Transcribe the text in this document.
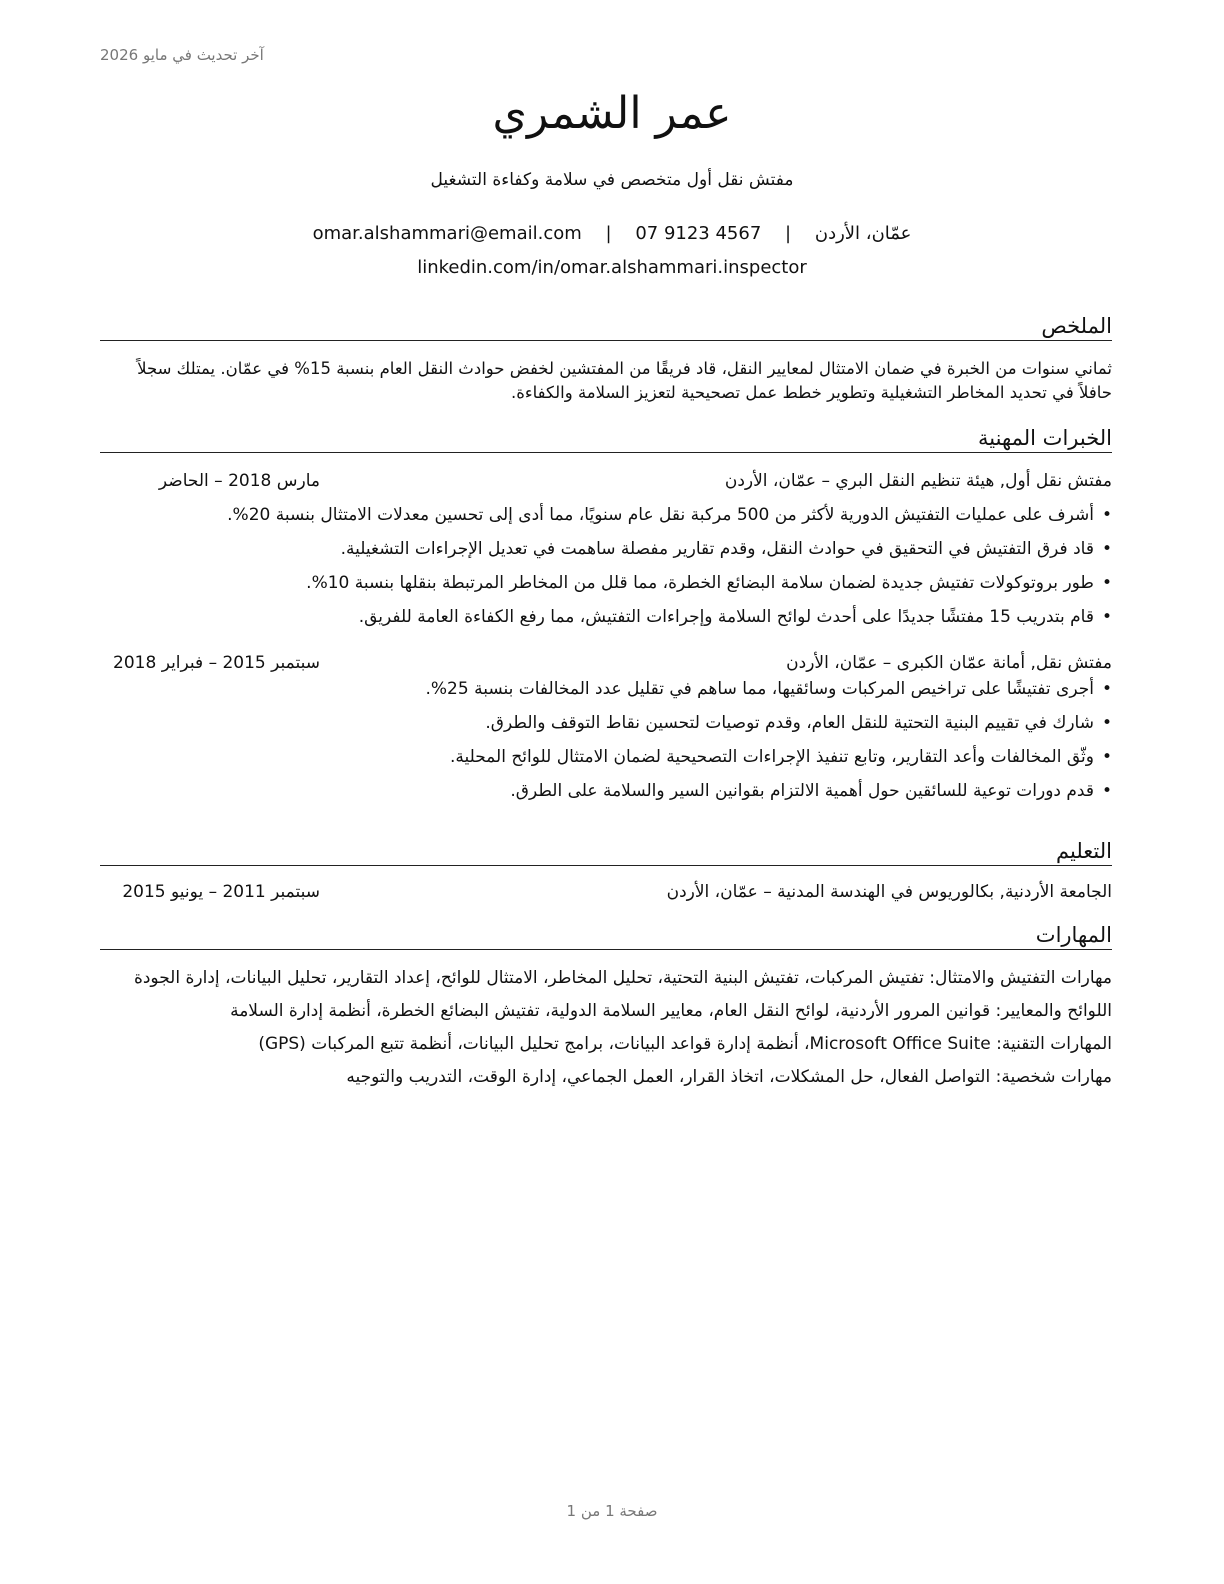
آخر تحديث في مايو 2026
عمر الشمري
مفتش نقل أول متخصص في سلامة وكفاءة التشغيل
عمّان، الأردن | omar.alshammari@email.com | 07 9123 4567
linkedin.com/in/omar.alshammari.inspector
الملخص
ثماني سنوات من الخبرة في ضمان الامتثال لمعايير النقل، قاد فريقًا من المفتشين لخفض حوادث النقل العام بنسبة 15% في عمّان. يمتلك سجلاً حافلاً في تحديد المخاطر التشغيلية وتطوير خطط عمل تصحيحية لتعزيز السلامة والكفاءة.
الخبرات المهنية
مفتش نقل أول, هيئة تنظيم النقل البري – عمّان، الأردن
مارس 2018 – الحاضر
• أشرف على عمليات التفتيش الدورية لأكثر من 500 مركبة نقل عام سنويًا، مما أدى إلى تحسين معدلات الامتثال بنسبة 20%.
• قاد فرق التفتيش في التحقيق في حوادث النقل، وقدم تقارير مفصلة ساهمت في تعديل الإجراءات التشغيلية.
• طور بروتوكولات تفتيش جديدة لضمان سلامة البضائع الخطرة، مما قلل من المخاطر المرتبطة بنقلها بنسبة 10%.
• قام بتدريب 15 مفتشًا جديدًا على أحدث لوائح السلامة وإجراءات التفتيش، مما رفع الكفاءة العامة للفريق.
مفتش نقل, أمانة عمّان الكبرى – عمّان، الأردن
سبتمبر 2015 – فبراير 2018
• أجرى تفتيشًا على تراخيص المركبات وسائقيها، مما ساهم في تقليل عدد المخالفات بنسبة 25%.
• شارك في تقييم البنية التحتية للنقل العام، وقدم توصيات لتحسين نقاط التوقف والطرق.
• وثّق المخالفات وأعد التقارير، وتابع تنفيذ الإجراءات التصحيحية لضمان الامتثال للوائح المحلية.
• قدم دورات توعية للسائقين حول أهمية الالتزام بقوانين السير والسلامة على الطرق.
التعليم
الجامعة الأردنية, بكالوريوس في الهندسة المدنية – عمّان، الأردن
سبتمبر 2011 – يونيو 2015
المهارات
مهارات التفتيش والامتثال: تفتيش المركبات، تفتيش البنية التحتية، تحليل المخاطر، الامتثال للوائح، إعداد التقارير، تحليل البيانات، إدارة الجودة
اللوائح والمعايير: قوانين المرور الأردنية، لوائح النقل العام، معايير السلامة الدولية، تفتيش البضائع الخطرة، أنظمة إدارة السلامة
المهارات التقنية: Microsoft Office Suite، أنظمة إدارة قواعد البيانات، برامج تحليل البيانات، أنظمة تتبع المركبات (GPS)
مهارات شخصية: التواصل الفعال، حل المشكلات، اتخاذ القرار، العمل الجماعي، إدارة الوقت، التدريب والتوجيه
صفحة 1 من 1
